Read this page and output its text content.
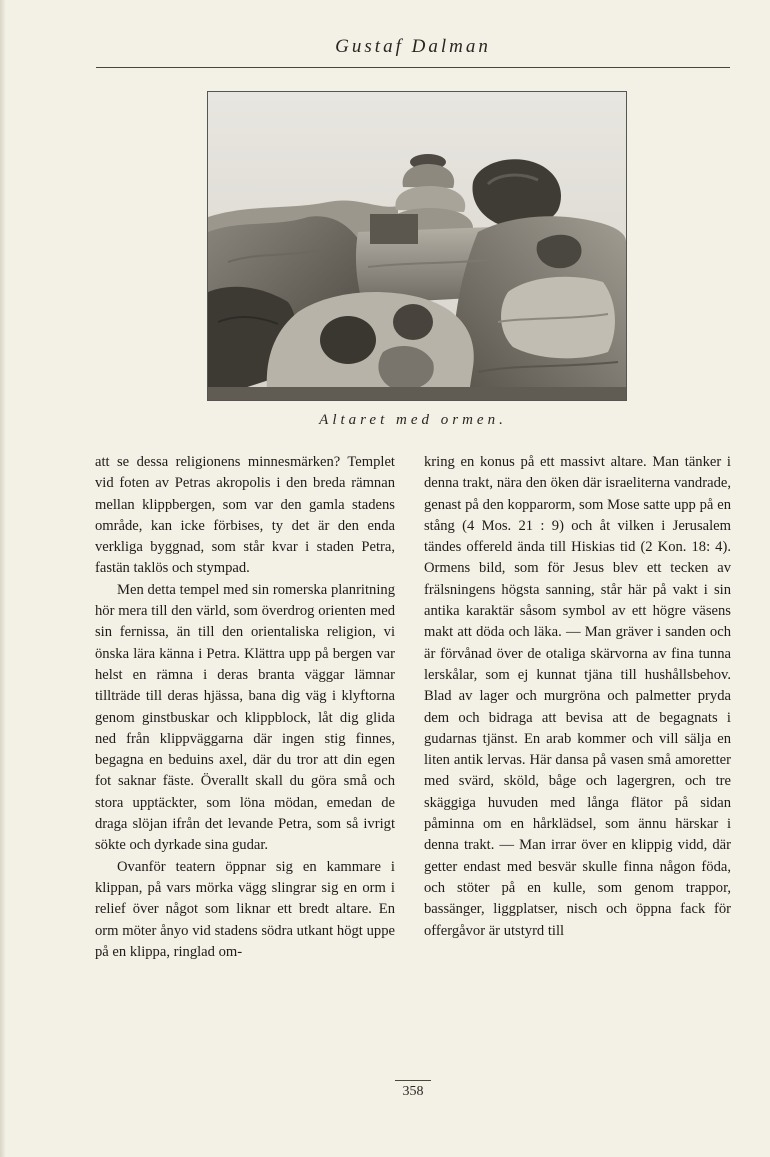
Gustaf Dalman
Altaret med ormen.

att se dessa religionens minnesmärken? Templet vid foten av Petras akropolis i den breda rämnan mellan klippbergen, som var den gamla stadens område, kan icke förbises, ty det är den enda verkliga byggnad, som står kvar i staden Petra, fastän taklös och stympad.

Men detta tempel med sin romerska planritning hör mera till den värld, som överdrog orienten med sin fernissa, än till den orientaliska religion, vi önska lära känna i Petra. Klättra upp på bergen var helst en rämna i deras branta väggar lämnar tillträde till deras hjässa, bana dig väg i klyftorna genom ginstbuskar och klippblock, låt dig glida ned från klippväggarna där ingen stig finnes, begagna en beduins axel, där du tror att din egen fot saknar fäste. Överallt skall du göra små och stora upptäckter, som löna mödan, emedan de draga slöjan ifrån det levande Petra, som så ivrigt sökte och dyrkade sina gudar.

Ovanför teatern öppnar sig en kammare i klippan, på vars mörka vägg slingrar sig en orm i relief över något som liknar ett bredt altare. En orm möter ånyo vid stadens södra utkant högt uppe på en klippa, ringlad om-

kring en konus på ett massivt altare. Man tänker i denna trakt, nära den öken där israeliterna vandrade, genast på den kopparorm, som Mose satte upp på en stång (4 Mos. 21 : 9) och åt vilken i Jerusalem tändes offereld ända till Hiskias tid (2 Kon. 18: 4). Ormens bild, som för Jesus blev ett tecken av frälsningens högsta sanning, står här på vakt i sin antika karaktär såsom symbol av ett högre väsens makt att döda och läka. — Man gräver i sanden och är förvånad över de otaliga skärvorna av fina tunna lerskålar, som ej kunnat tjäna till hushållsbehov. Blad av lager och murgröna och palmetter pryda dem och bidraga att bevisa att de begagnats i gudarnas tjänst. En arab kommer och vill sälja en liten antik lervas. Här dansa på vasen små amoretter med svärd, sköld, båge och lagergren, och tre skäggiga huvuden med långa flätor på sidan påminna om en hårklädsel, som ännu härskar i denna trakt. — Man irrar över en klippig vidd, där getter endast med besvär skulle finna någon föda, och stöter på en kulle, som genom trappor, bassänger, liggplatser, nisch och öppna fack för offergåvor är utstyrd till

358
